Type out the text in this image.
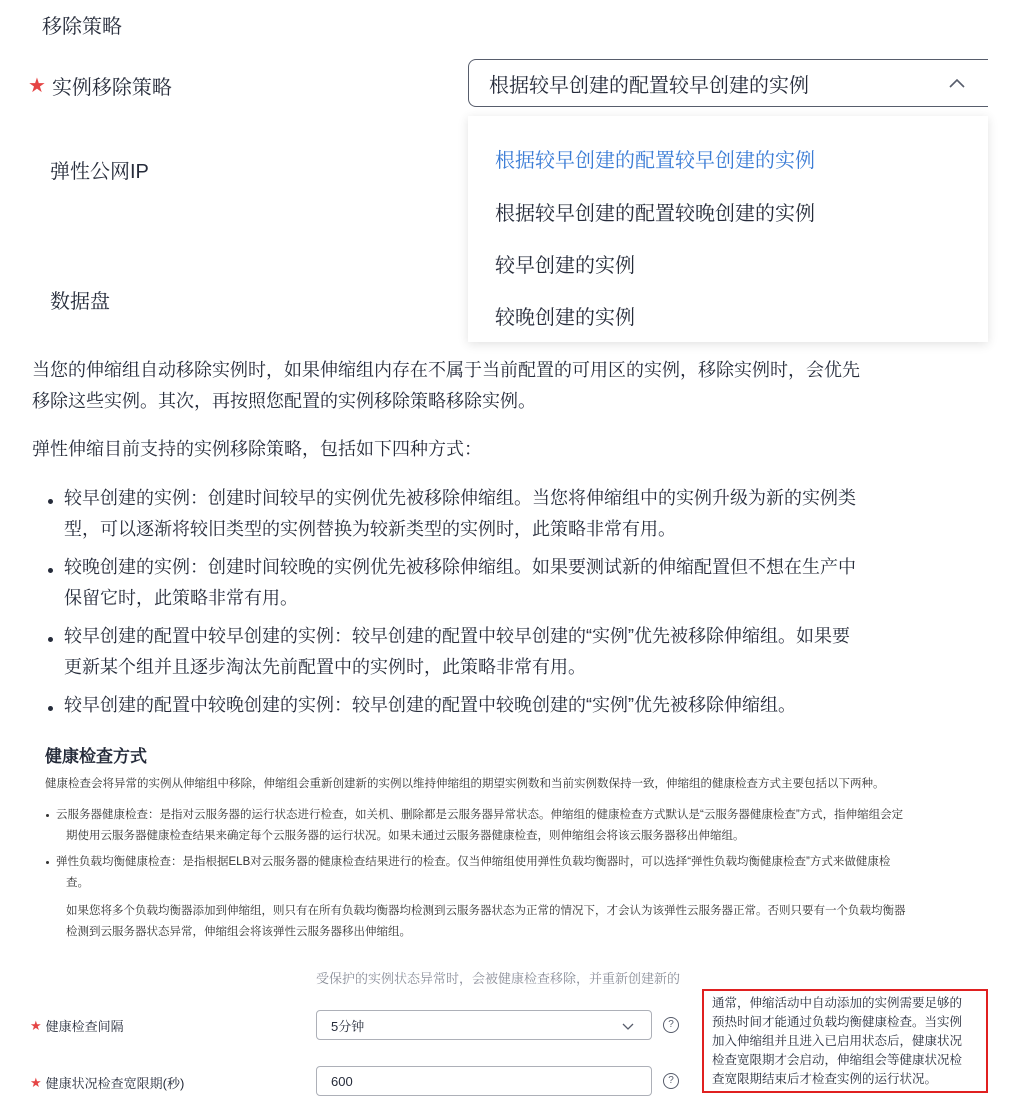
移除策略
★ 实例移除策略	根据较早创建的配置较早创建的实例
弹性公网IP
数据盘
根据较早创建的配置较早创建的实例
根据较早创建的配置较晚创建的实例
较早创建的实例
较晚创建的实例
当您的伸缩组自动移除实例时，如果伸缩组内存在不属于当前配置的可用区的实例，移除实例时，会优先
移除这些实例。其次，再按照您配置的实例移除策略移除实例。
弹性伸缩目前支持的实例移除策略，包括如下四种方式：
较早创建的实例：创建时间较早的实例优先被移除伸缩组。当您将伸缩组中的实例升级为新的实例类
型，可以逐渐将较旧类型的实例替换为较新类型的实例时，此策略非常有用。
较晚创建的实例：创建时间较晚的实例优先被移除伸缩组。如果要测试新的伸缩配置但不想在生产中
保留它时，此策略非常有用。
较早创建的配置中较早创建的实例：较早创建的配置中较早创建的“实例”优先被移除伸缩组。如果要
更新某个组并且逐步淘汰先前配置中的实例时，此策略非常有用。
较早创建的配置中较晚创建的实例：较早创建的配置中较晚创建的“实例”优先被移除伸缩组。
健康检查方式
健康检查会将异常的实例从伸缩组中移除，伸缩组会重新创建新的实例以维持伸缩组的期望实例数和当前实例数保持一致，伸缩组的健康检查方式主要包括以下两种。
云服务器健康检查：是指对云服务器的运行状态进行检查，如关机、删除都是云服务器异常状态。伸缩组的健康检查方式默认是“云服务器健康检查”方式，指伸缩组会定
期使用云服务器健康检查结果来确定每个云服务器的运行状况。如果未通过云服务器健康检查，则伸缩组会将该云服务器移出伸缩组。
弹性负载均衡健康检查：是指根据ELB对云服务器的健康检查结果进行的检查。仅当伸缩组使用弹性负载均衡器时，可以选择“弹性负载均衡健康检查”方式来做健康检
查。
如果您将多个负载均衡器添加到伸缩组，则只有在所有负载均衡器均检测到云服务器状态为正常的情况下，才会认为该弹性云服务器正常。否则只要有一个负载均衡器
检测到云服务器状态异常，伸缩组会将该弹性云服务器移出伸缩组。
受保护的实例状态异常时，会被健康检查移除，并重新创建新的
★ 健康检查间隔	5分钟	?
★ 健康状况检查宽限期(秒)	600	?
通常，伸缩活动中自动添加的实例需要足够的
预热时间才能通过负载均衡健康检查。当实例
加入伸缩组并且进入已启用状态后，健康状况
检查宽限期才会启动，伸缩组会等健康状况检
查宽限期结束后才检查实例的运行状况。
